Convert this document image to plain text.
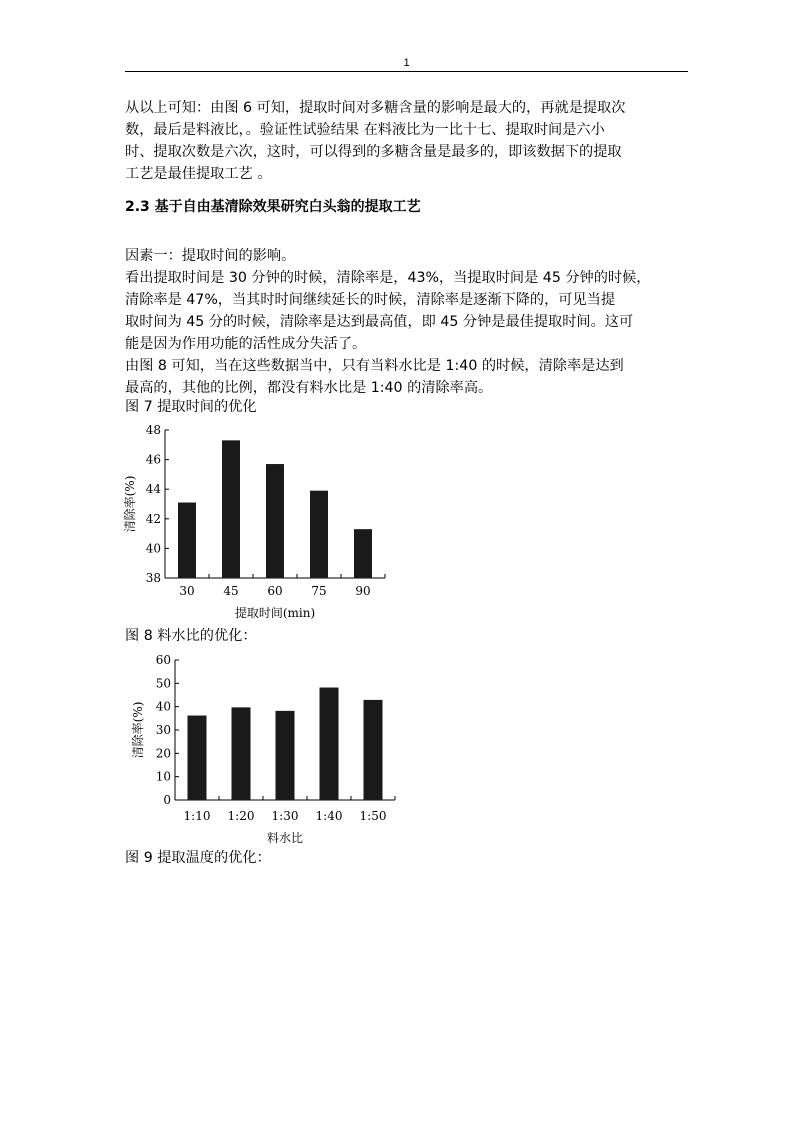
1
从以上可知：由图 6 可知，提取时间对多糖含量的影响是最大的，再就是提取次
数，最后是料液比，。验证性试验结果 在料液比为一比十七、提取时间是六小
时、提取次数是六次，这时，可以得到的多糖含量是最多的，即该数据下的提取
工艺是最佳提取工艺 。
2.3 基于自由基清除效果研究白头翁的提取工艺
因素一：提取时间的影响。
看出提取时间是 30 分钟的时候，清除率是，43%，当提取时间是 45 分钟的时候，
清除率是 47%，当其时时间继续延长的时候，清除率是逐渐下降的，可见当提
取时间为 45 分的时候，清除率是达到最高值，即 45 分钟是最佳提取时间。这可
能是因为作用功能的活性成分失活了。
由图 8 可知，当在这些数据当中，只有当料水比是 1:40 的时候，清除率是达到
最高的，其他的比例，都没有料水比是 1:40 的清除率高。

图 7 提取时间的优化

48
46
44
42
40
38
30 45 60 75 90
提取时间(min)
清除率(%)

图 8 料水比的优化：

60
50
40
30
20
10
0
1:10 1:20 1:30 1:40 1:50
料水比
清除率(%)

图 9 提取温度的优化：
